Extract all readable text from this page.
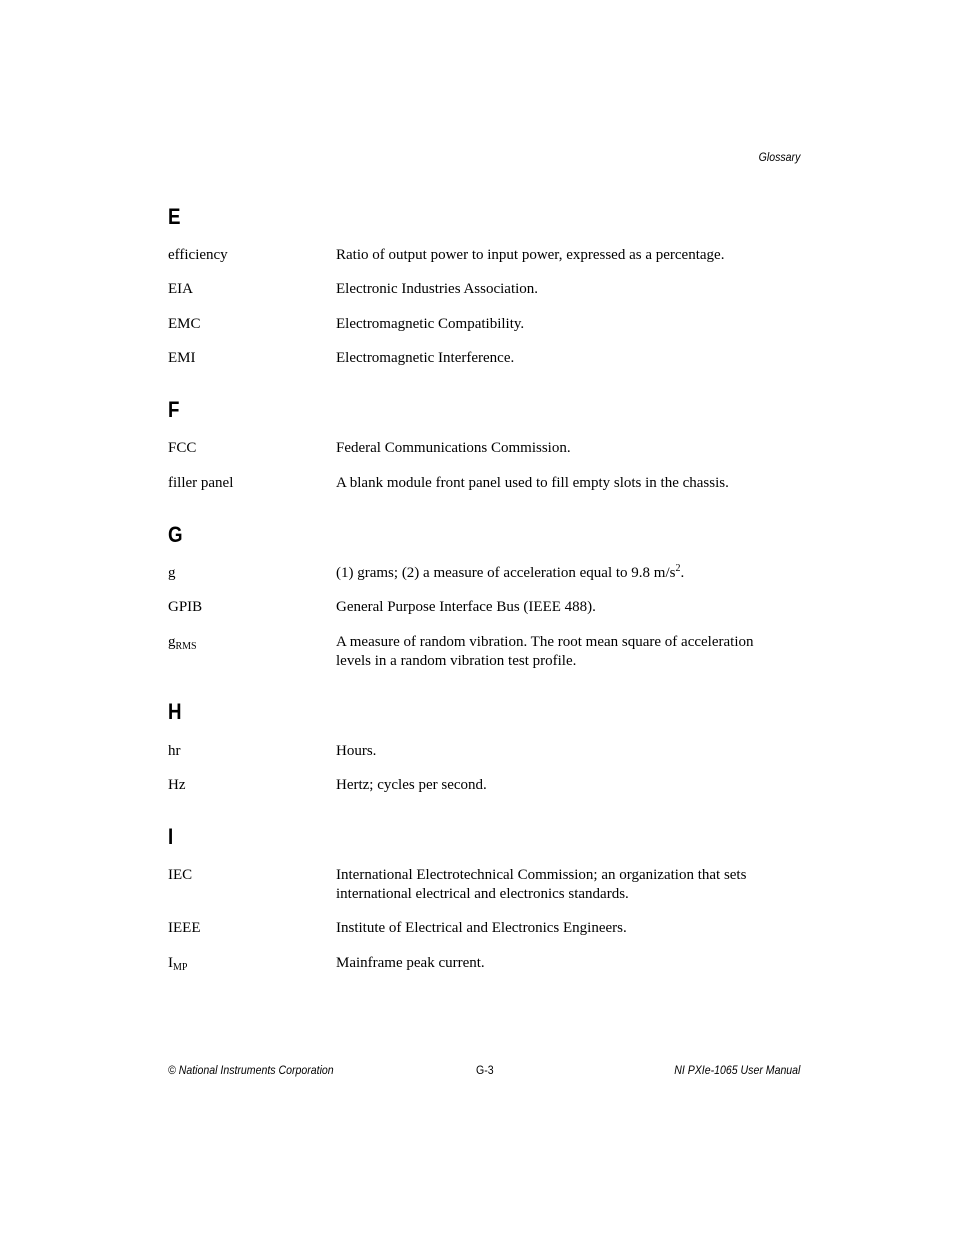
Glossary
E
efficiency	Ratio of output power to input power, expressed as a percentage.
EIA	Electronic Industries Association.
EMC	Electromagnetic Compatibility.
EMI	Electromagnetic Interference.
F
FCC	Federal Communications Commission.
filler panel	A blank module front panel used to fill empty slots in the chassis.
G
g	(1) grams; (2) a measure of acceleration equal to 9.8 $m/s^2$.
GPIB	General Purpose Interface Bus (IEEE 488).
$g_{RMS}$	A measure of random vibration. The root mean square of acceleration
levels in a random vibration test profile.
H
hr	Hours.
Hz	Hertz; cycles per second.
I
IEC	International Electrotechnical Commission; an organization that sets
international electrical and electronics standards.
IEEE	Institute of Electrical and Electronics Engineers.
$I_{MP}$	Mainframe peak current.
© National Instruments Corporation	G-3	NI PXIe-1065 User Manual
